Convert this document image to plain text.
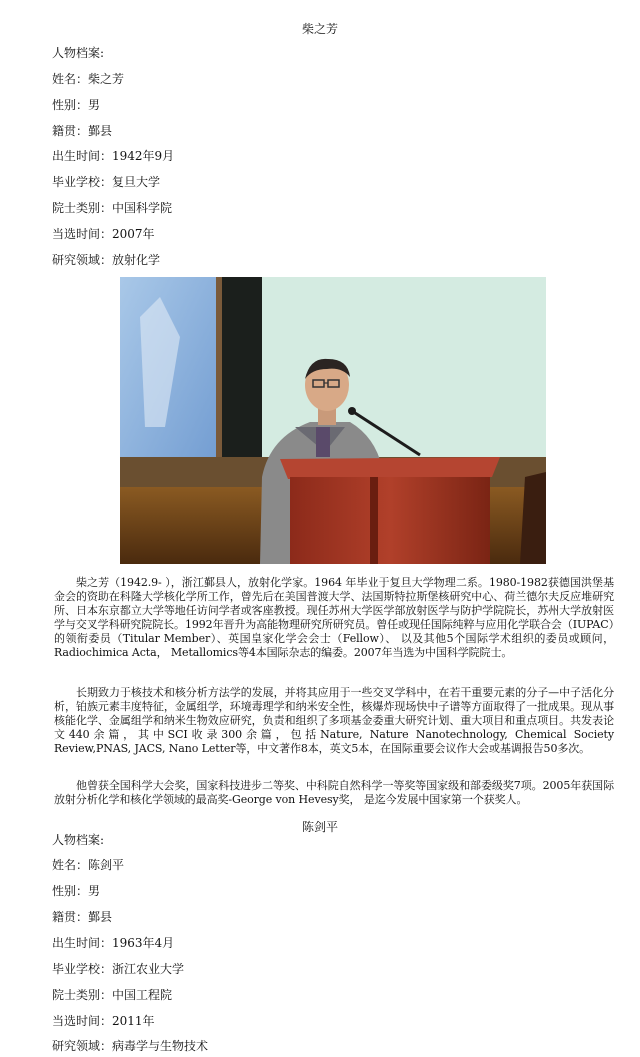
柴之芳
人物档案:
姓名：柴之芳
性别：男
籍贯：鄞县
出生时间：1942年9月
毕业学校：复旦大学
院士类别：中国科学院
当选时间：2007年
研究领域：放射化学
柴之芳（1942.9- ），浙江鄞县人，放射化学家。1964 年毕业于复旦大学物理二系。1980-1982获德国洪堡基金会的资助在科隆大学核化学所工作，曾先后在美国普渡大学、法国斯特拉斯堡核研究中心、荷兰德尔夫反应堆研究所、日本东京都立大学等地任访问学者或客座教授。现任苏州大学医学部放射医学与防护学院院长，苏州大学放射医学与交叉学科研究院院长。1992年晋升为高能物理研究所研究员。曾任或现任国际纯粹与应用化学联合会（IUPAC）的领衔委员（Titular Member）、英国皇家化学会会士（Fellow）、 以及其他5个国际学术组织的委员或顾问， Radiochimica Acta， Metallomics等4本国际杂志的编委。2007年当选为中国科学院院士。
长期致力于核技术和核分析方法学的发展，并将其应用于一些交叉学科中，在若干重要元素的分子—中子活化分析，铂族元素丰度特征，金属组学，环境毒理学和纳米安全性，核爆炸现场快中子谱等方面取得了一批成果。现从事核能化学、金属组学和纳米生物效应研究，负责和组织了多项基金委重大研究计划、重大项目和重点项目。共发表论文440余篇，其中SCI收录300余篇，包括Nature, Nature Nanotechnology, Chemical Society Review,PNAS, JACS, Nano Letter等，中文著作8本，英文5本，在国际重要会议作大会或基调报告50多次。
他曾获全国科学大会奖，国家科技进步二等奖、中科院自然科学一等奖等国家级和部委级奖7项。2005年获国际放射分析化学和核化学领域的最高奖-George von Hevesy奖， 是迄今发展中国家第一个获奖人。
陈剑平
人物档案:
姓名：陈剑平
性别：男
籍贯：鄞县
出生时间：1963年4月
毕业学校：浙江农业大学
院士类别：中国工程院
当选时间：2011年
研究领域：病毒学与生物技术
